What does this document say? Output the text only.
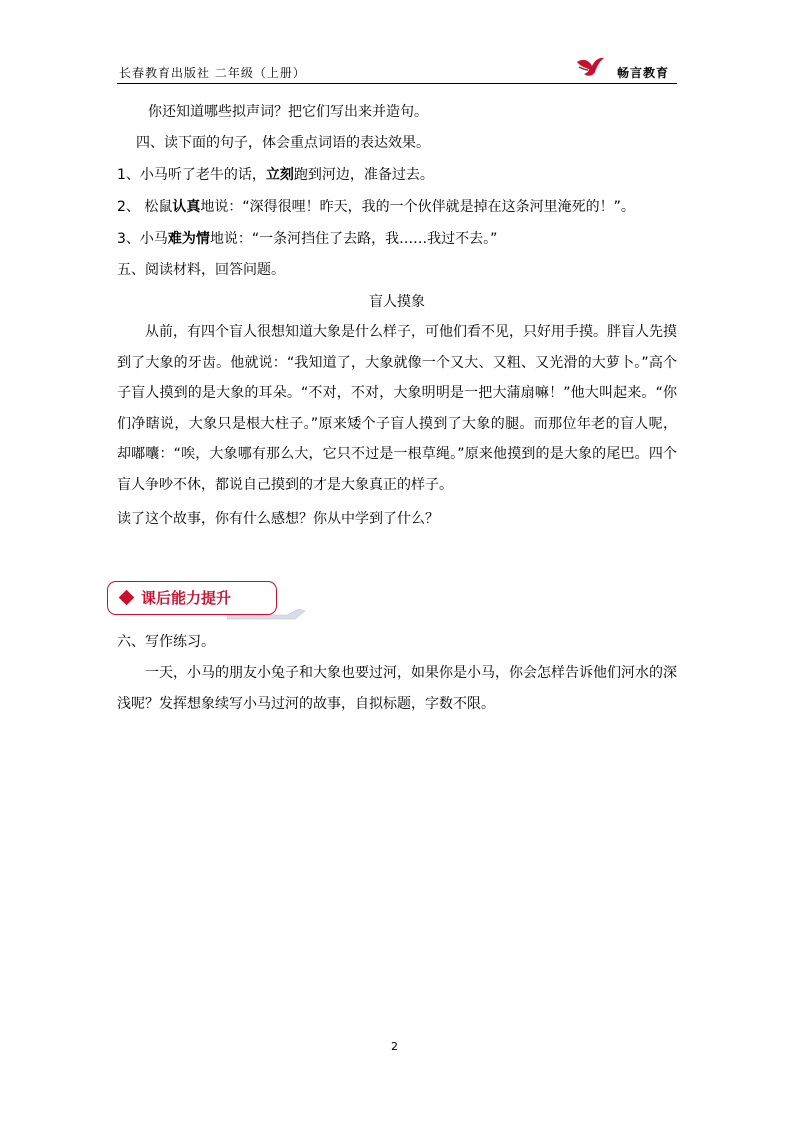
长春教育出版社 二年级（上册）	畅言教育
你还知道哪些拟声词？把它们写出来并造句。
四、读下面的句子，体会重点词语的表达效果。
1、小马听了老牛的话，立刻跑到河边，准备过去。
2、 松鼠认真地说：“深得很哩！昨天，我的一个伙伴就是掉在这条河里淹死的！”。
3、小马难为情地说：“一条河挡住了去路，我……我过不去。”
五、阅读材料，回答问题。
盲人摸象

从前，有四个盲人很想知道大象是什么样子，可他们看不见，只好用手摸。胖盲人先摸到了大象的牙齿。他就说：“我知道了，大象就像一个又大、又粗、又光滑的大萝卜。”高个子盲人摸到的是大象的耳朵。“不对，不对，大象明明是一把大蒲扇嘛！”他大叫起来。“你们净瞎说，大象只是根大柱子。”原来矮个子盲人摸到了大象的腿。而那位年老的盲人呢，却嘟囔：“唉，大象哪有那么大，它只不过是一根草绳。”原来他摸到的是大象的尾巴。四个盲人争吵不休，都说自己摸到的才是大象真正的样子。

读了这个故事，你有什么感想？你从中学到了什么？
课后能力提升
六、写作练习。

一天，小马的朋友小兔子和大象也要过河，如果你是小马，你会怎样告诉他们河水的深浅呢？发挥想象续写小马过河的故事，自拟标题，字数不限。

2
